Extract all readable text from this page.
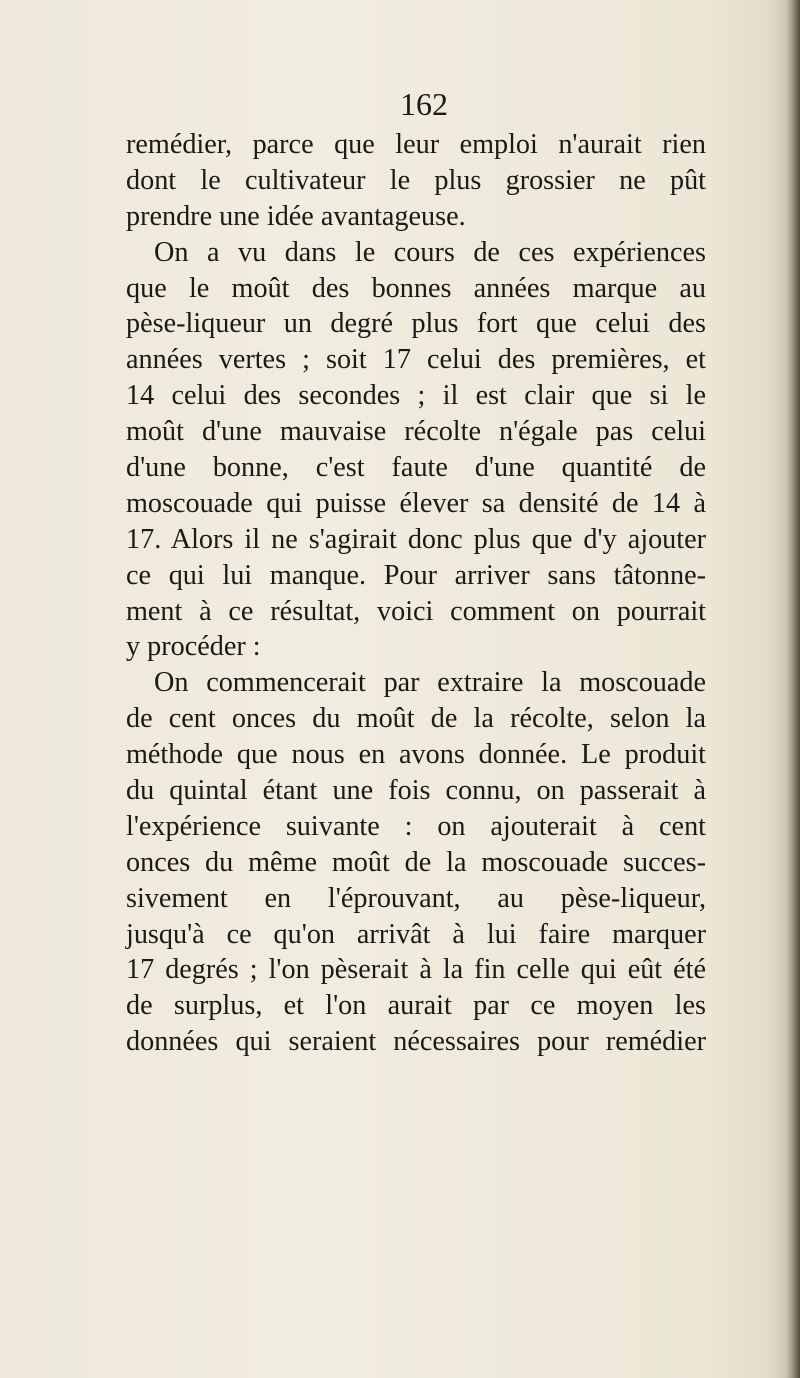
162
remédier, parce que leur emploi n'aurait rien
dont le cultivateur le plus grossier ne pût
prendre une idée avantageuse.
On a vu dans le cours de ces expériences
que le moût des bonnes années marque au
pèse-liqueur un degré plus fort que celui des
années vertes ; soit 17 celui des premières, et
14 celui des secondes ; il est clair que si le
moût d'une mauvaise récolte n'égale pas celui
d'une bonne, c'est faute d'une quantité de
moscouade qui puisse élever sa densité de 14 à
17. Alors il ne s'agirait donc plus que d'y ajouter
ce qui lui manque. Pour arriver sans tâtonne-
ment à ce résultat, voici comment on pourrait
y procéder :
On commencerait par extraire la moscouade
de cent onces du moût de la récolte, selon la
méthode que nous en avons donnée. Le produit
du quintal étant une fois connu, on passerait à
l'expérience suivante : on ajouterait à cent
onces du même moût de la moscouade succes-
sivement en l'éprouvant, au pèse-liqueur,
jusqu'à ce qu'on arrivât à lui faire marquer
17 degrés ; l'on pèserait à la fin celle qui eût été
de surplus, et l'on aurait par ce moyen les
données qui seraient nécessaires pour remédier
